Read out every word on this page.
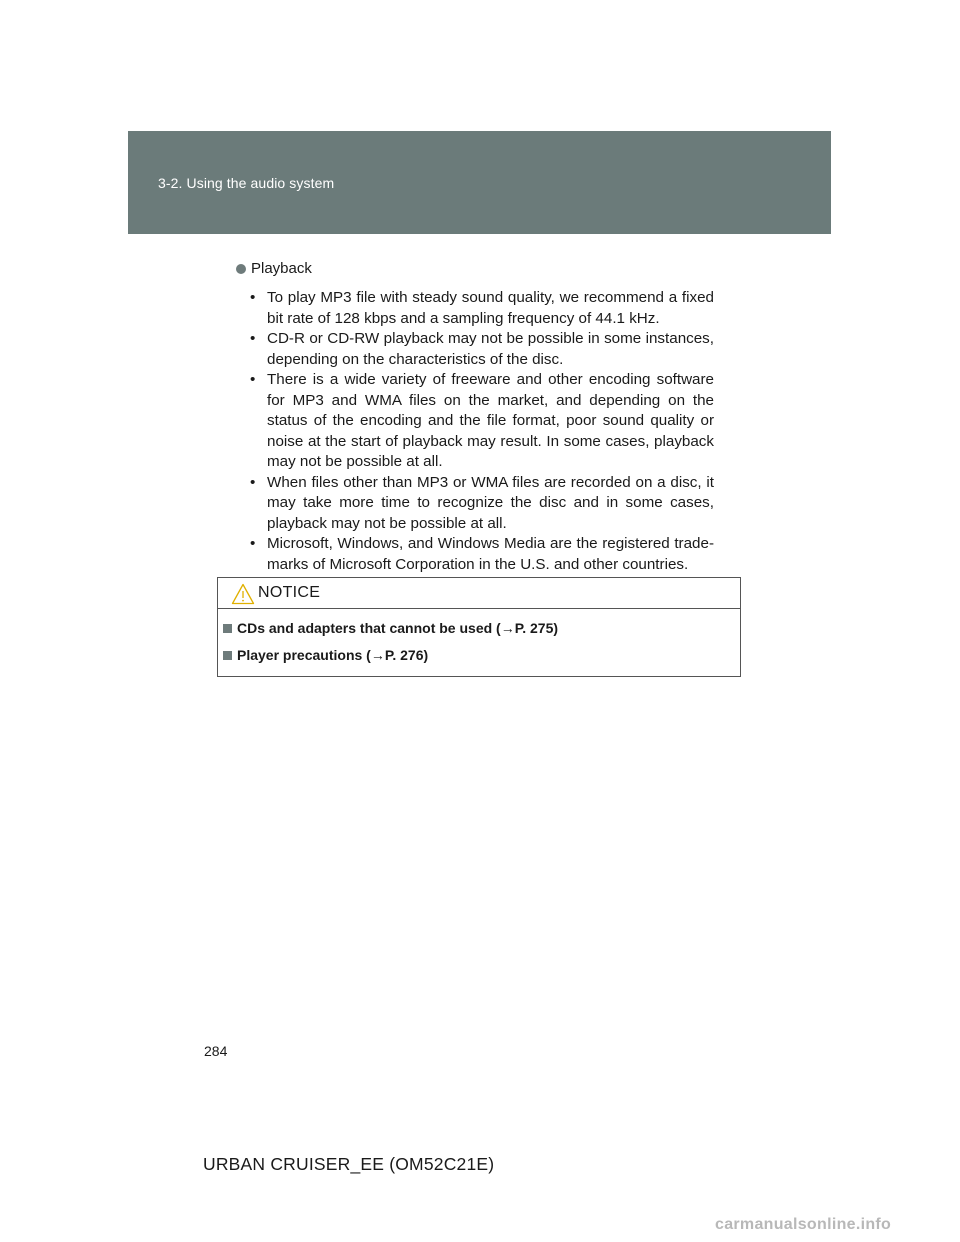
3-2. Using the audio system
Playback
• To play MP3 file with steady sound quality, we recommend a fixed bit rate of 128 kbps and a sampling frequency of 44.1 kHz.
• CD-R or CD-RW playback may not be possible in some instances, depending on the characteristics of the disc.
• There is a wide variety of freeware and other encoding software for MP3 and WMA files on the market, and depending on the status of the encoding and the file format, poor sound quality or noise at the start of playback may result. In some cases, playback may not be possible at all.
• When files other than MP3 or WMA files are recorded on a disc, it may take more time to recognize the disc and in some cases, playback may not be possible at all.
• Microsoft, Windows, and Windows Media are the registered trade-marks of Microsoft Corporation in the U.S. and other countries.
NOTICE
CDs and adapters that cannot be used (→P. 275)
Player precautions (→P. 276)
284
URBAN CRUISER_EE (OM52C21E)
carmanualsonline.info
